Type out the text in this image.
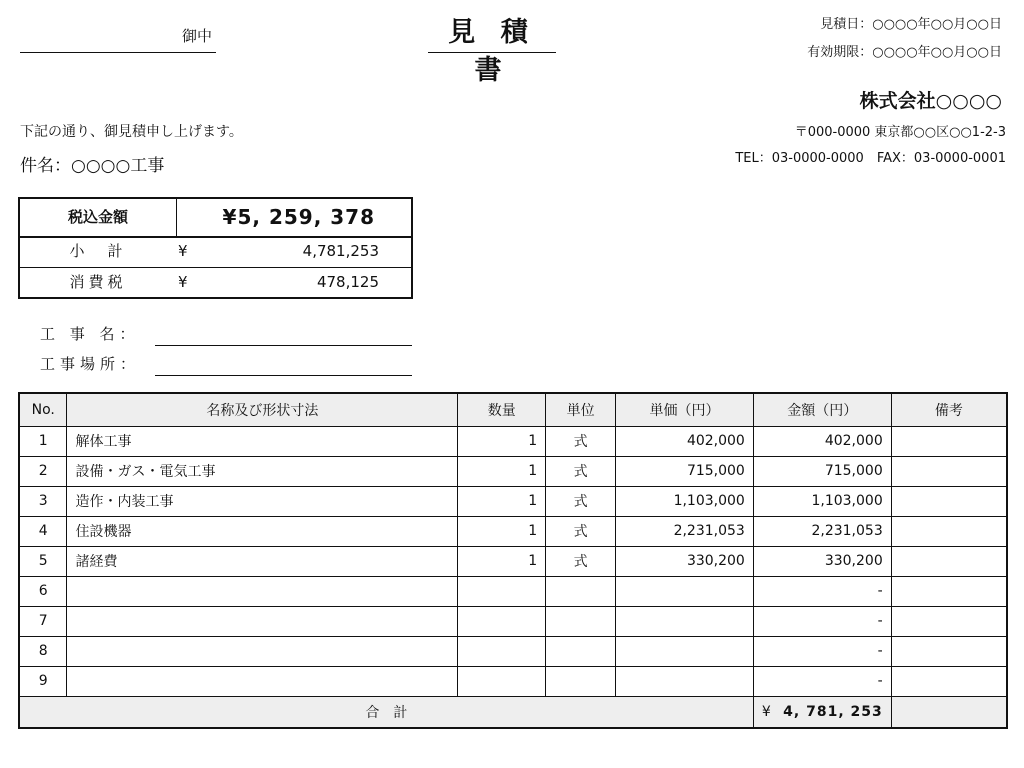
御中	見 積 書
見積日：○○○○年○○月○○日
有効期限：○○○○年○○月○○日
株式会社○○○○
〒000-0000 東京都○○区○○1-2-3
TEL：03-0000-0000　FAX：03-0000-0001
下記の通り、御見積申し上げます。
件名：○○○○工事
税込金額	¥5, 259, 378
小　計	¥	4,781,253
消費税	¥	478,125
工 事 名：
工事場所：
No.	名称及び形状寸法	数量	単位	単価（円）	金額（円）	備考
1	解体工事	1	式	402,000	402,000	
2	設備・ガス・電気工事	1	式	715,000	715,000	
3	造作・内装工事	1	式	1,103,000	1,103,000	
4	住設機器	1	式	2,231,053	2,231,053	
5	諸経費	1	式	330,200	330,200	
6					-	
7					-	
8					-	
9					-	
合　計					¥ 4, 781, 253	
